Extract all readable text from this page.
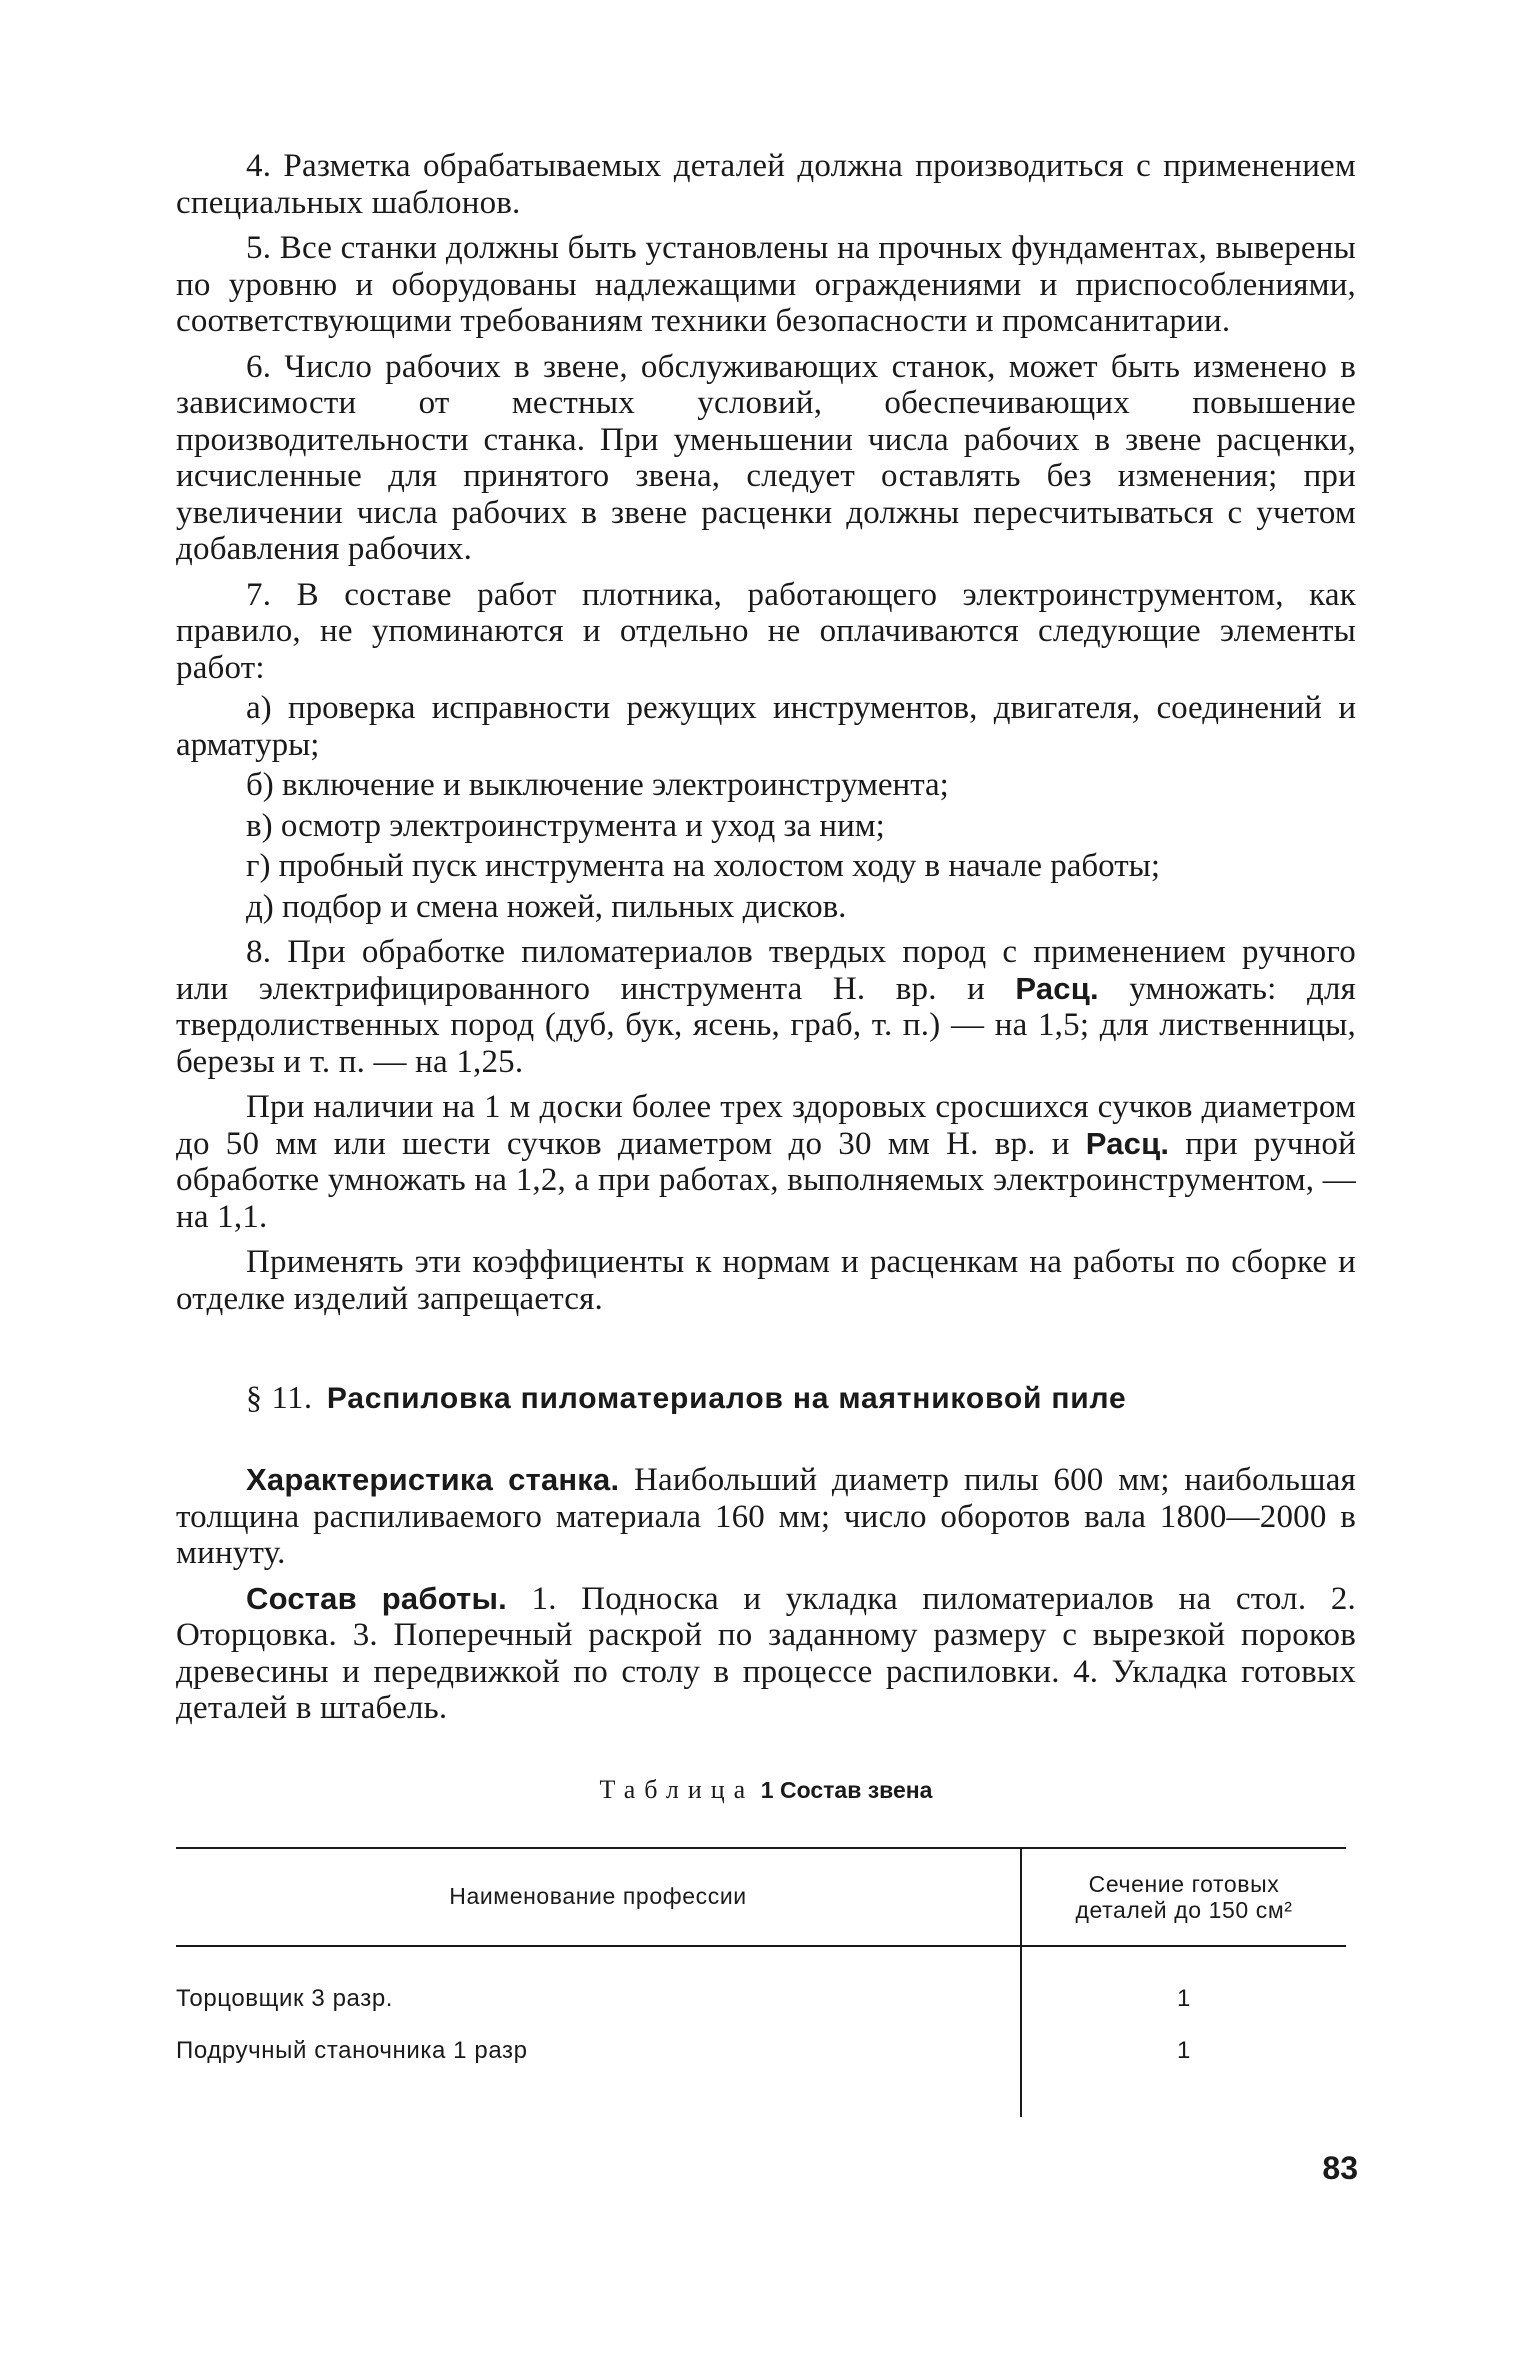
4. Разметка обрабатываемых деталей должна производиться с применением специальных шаблонов.

5. Все станки должны быть установлены на прочных фундаментах, выверены по уровню и оборудованы надлежащими ограждениями и приспособлениями, соответствующими требованиям техники безопасности и промсанитарии.

6. Число рабочих в звене, обслуживающих станок, может быть изменено в зависимости от местных условий, обеспечивающих повышение производительности станка. При уменьшении числа рабочих в звене расценки, исчисленные для принятого звена, следует оставлять без изменения; при увеличении числа рабочих в звене расценки должны пересчитываться с учетом добавления рабочих.

7. В составе работ плотника, работающего электроинструментом, как правило, не упоминаются и отдельно не оплачиваются следующие элементы работ:

а) проверка исправности режущих инструментов, двигателя, соединений и арматуры;

б) включение и выключение электроинструмента;

в) осмотр электроинструмента и уход за ним;

г) пробный пуск инструмента на холостом ходу в начале работы;

д) подбор и смена ножей, пильных дисков.

8. При обработке пиломатериалов твердых пород с применением ручного или электрифицированного инструмента Н. вр. и Расц. умножать: для твердолиственных пород (дуб, бук, ясень, граб, т. п.) — на 1,5; для лиственницы, березы и т. п. — на 1,25.

При наличии на 1 м доски более трех здоровых сросшихся сучков диаметром до 50 мм или шести сучков диаметром до 30 мм Н. вр. и Расц. при ручной обработке умножать на 1,2, а при работах, выполняемых электроинструментом, — на 1,1.

Применять эти коэффициенты к нормам и расценкам на работы по сборке и отделке изделий запрещается.

§ 11. Распиловка пиломатериалов на маятниковой пиле

Характеристика станка. Наибольший диаметр пилы 600 мм; наибольшая толщина распиливаемого материала 160 мм; число оборотов вала 1800—2000 в минуту.

Состав работы. 1. Подноска и укладка пиломатериалов на стол. 2. Оторцовка. 3. Поперечный раскрой по заданному размеру с вырезкой пороков древесины и передвижкой по столу в процессе распиловки. 4. Укладка готовых деталей в штабель.

Таблица 1 Состав звена
Наименование профессии	Сечение готовых
деталей до 150 см²
Торцовщик 3 разр.	1
Подручный станочника 1 разр	1

83
